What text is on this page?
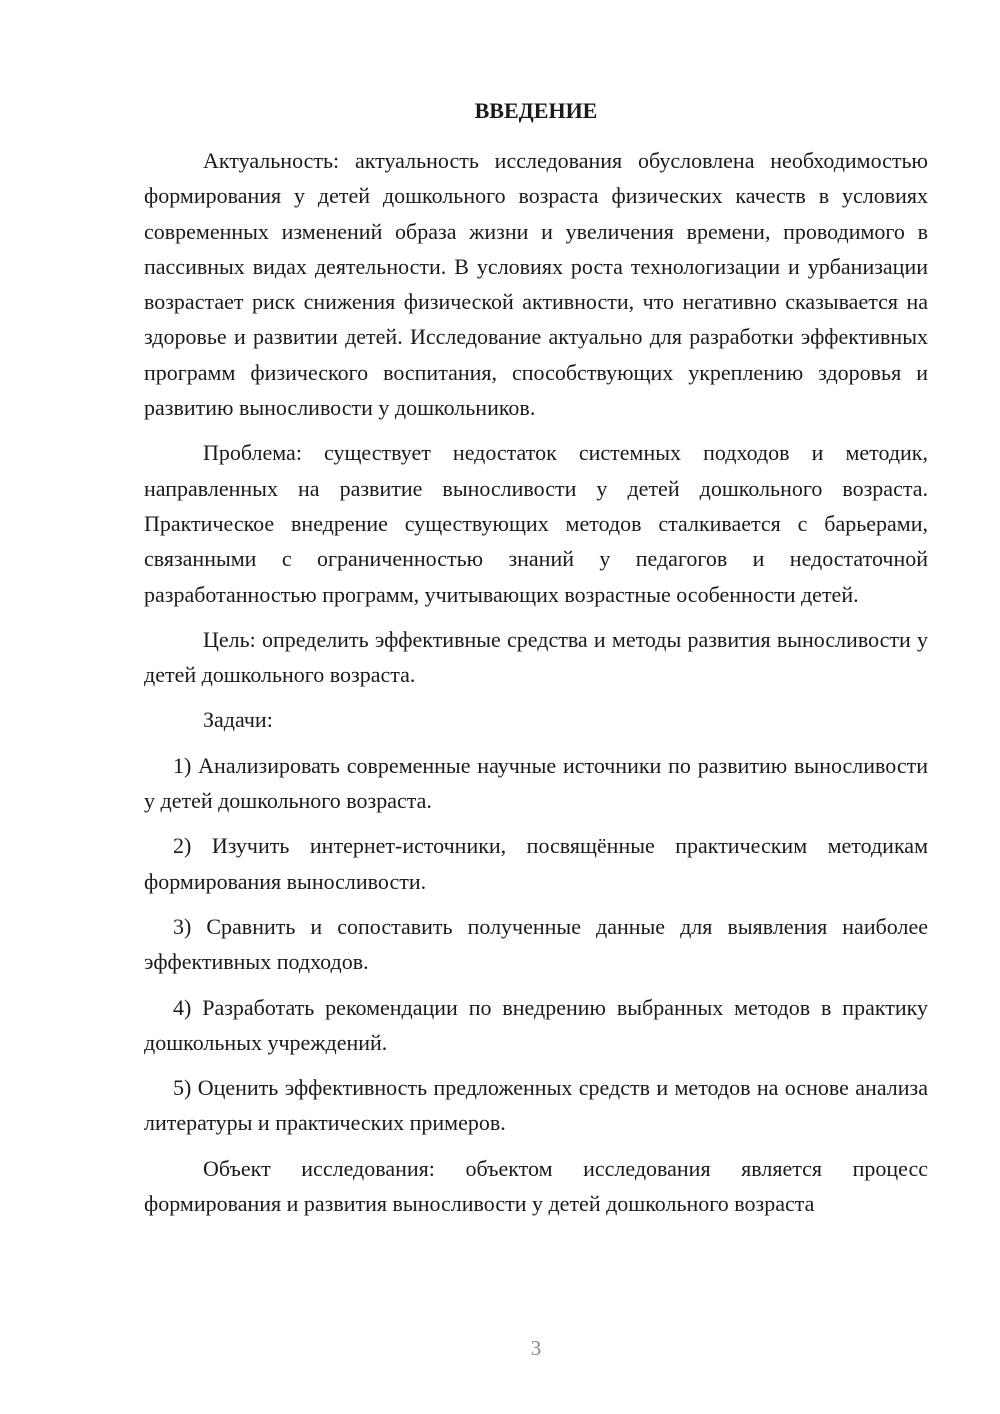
ВВЕДЕНИЕ

Актуальность: актуальность исследования обусловлена необходимостью формирования у детей дошкольного возраста физических качеств в условиях современных изменений образа жизни и увеличения времени, проводимого в пассивных видах деятельности. В условиях роста технологизации и урбанизации возрастает риск снижения физической активности, что негативно сказывается на здоровье и развитии детей. Исследование актуально для разработки эффективных программ физического воспитания, способствующих укреплению здоровья и развитию выносливости у дошкольников.

Проблема: существует недостаток системных подходов и методик, направленных на развитие выносливости у детей дошкольного возраста. Практическое внедрение существующих методов сталкивается с барьерами, связанными с ограниченностью знаний у педагогов и недостаточной разработанностью программ, учитывающих возрастные особенности детей.

Цель: определить эффективные средства и методы развития выносливости у детей дошкольного возраста.

Задачи:

1) Анализировать современные научные источники по развитию выносливости у детей дошкольного возраста.

2) Изучить интернет-источники, посвящённые практическим методикам формирования выносливости.

3) Сравнить и сопоставить полученные данные для выявления наиболее эффективных подходов.

4) Разработать рекомендации по внедрению выбранных методов в практику дошкольных учреждений.

5) Оценить эффективность предложенных средств и методов на основе анализа литературы и практических примеров.

Объект исследования: объектом исследования является процесс формирования и развития выносливости у детей дошкольного возраста

3
